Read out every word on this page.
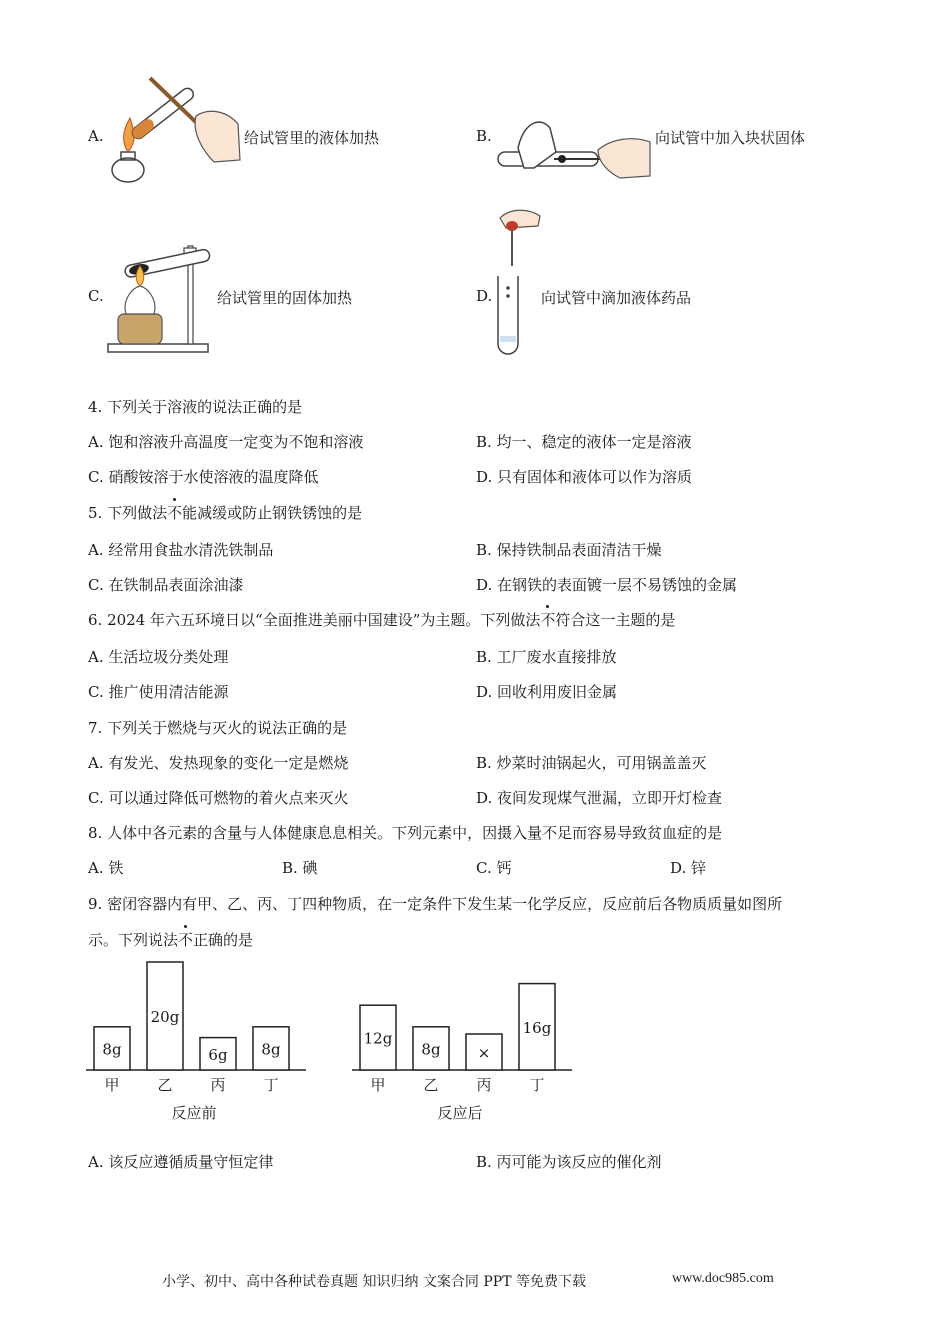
A.	给试管里的液体加热	B.	向试管中加入块状固体
C.	给试管里的固体加热	D.	向试管中滴加液体药品
4. 下列关于溶液的说法正确的是
A. 饱和溶液升高温度一定变为不饱和溶液	B. 均一、稳定的液体一定是溶液
C. 硝酸铵溶于水使溶液的温度降低	D. 只有固体和液体可以作为溶质
5. 下列做法不能减缓或防止钢铁锈蚀的是
A. 经常用食盐水清洗铁制品	B. 保持铁制品表面清洁干燥
C. 在铁制品表面涂油漆	D. 在钢铁的表面镀一层不易锈蚀的金属
6. 2024 年六五环境日以“全面推进美丽中国建设”为主题。下列做法不符合这一主题的是
A. 生活垃圾分类处理	B. 工厂废水直接排放
C. 推广使用清洁能源	D. 回收利用废旧金属
7. 下列关于燃烧与灭火的说法正确的是
A. 有发光、发热现象的变化一定是燃烧	B. 炒菜时油锅起火，可用锅盖盖灭
C. 可以通过降低可燃物的着火点来灭火	D. 夜间发现煤气泄漏，立即开灯检查
8. 人体中各元素的含量与人体健康息息相关。下列元素中，因摄入量不足而容易导致贫血症的是
A. 铁	B. 碘	C. 钙	D. 锌
9. 密闭容器内有甲、乙、丙、丁四种物质，在一定条件下发生某一化学反应，反应前后各物质质量如图所
示。下列说法不正确的是
8g
甲
20g
乙
6g
丙
8g
丁
反应前
12g
甲
8g
乙
×
丙
16g
丁
反应后
A. 该反应遵循质量守恒定律	B. 丙可能为该反应的催化剂
小学、初中、高中各种试卷真题 知识归纳 文案合同 PPT 等免费下载	www.doc985.com
